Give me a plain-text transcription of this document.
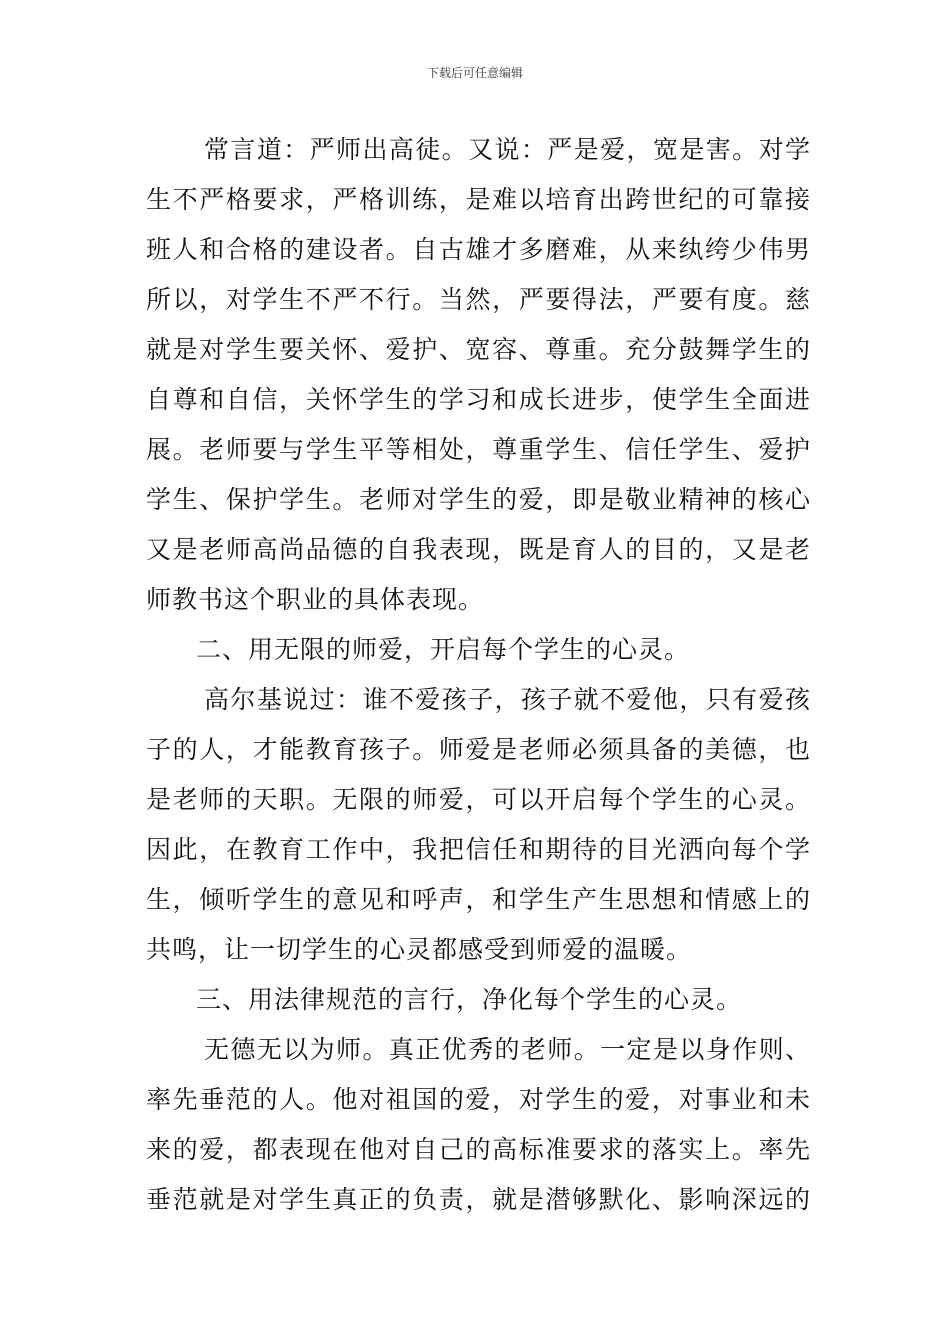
下载后可任意编辑
常言道：严师出高徒。又说：严是爱，宽是害。对学
生不严格要求，严格训练，是难以培育出跨世纪的可靠接
班人和合格的建设者。自古雄才多磨难，从来纨绔少伟男
所以，对学生不严不行。当然，严要得法，严要有度。慈
就是对学生要关怀、爱护、宽容、尊重。充分鼓舞学生的
自尊和自信，关怀学生的学习和成长进步，使学生全面进
展。老师要与学生平等相处，尊重学生、信任学生、爱护
学生、保护学生。老师对学生的爱，即是敬业精神的核心
又是老师高尚品德的自我表现，既是育人的目的，又是老
师教书这个职业的具体表现。
二、用无限的师爱，开启每个学生的心灵。
高尔基说过：谁不爱孩子，孩子就不爱他，只有爱孩
子的人，才能教育孩子。师爱是老师必须具备的美德，也
是老师的天职。无限的师爱，可以开启每个学生的心灵。
因此，在教育工作中，我把信任和期待的目光洒向每个学
生，倾听学生的意见和呼声，和学生产生思想和情感上的
共鸣，让一切学生的心灵都感受到师爱的温暖。
三、用法律规范的言行，净化每个学生的心灵。
无德无以为师。真正优秀的老师。一定是以身作则、
率先垂范的人。他对祖国的爱，对学生的爱，对事业和未
来的爱，都表现在他对自己的高标准要求的落实上。率先
垂范就是对学生真正的负责，就是潜够默化、影响深远的
